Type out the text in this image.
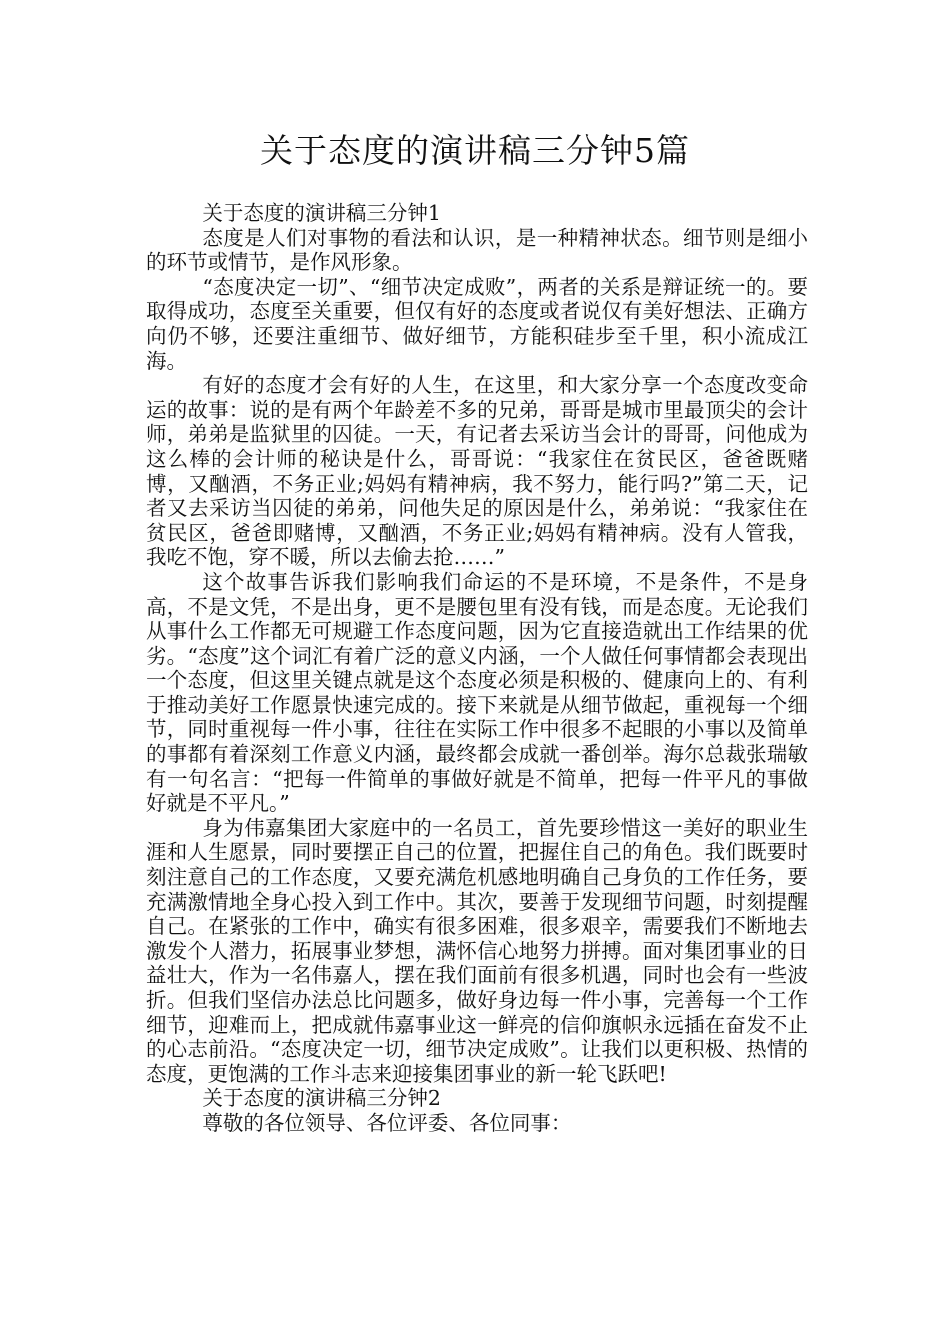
关于态度的演讲稿三分钟5篇

关于态度的演讲稿三分钟1

态度是人们对事物的看法和认识，是一种精神状态。细节则是细小的环节或情节，是作风形象。

“态度决定一切”、“细节决定成败”，两者的关系是辩证统一的。要取得成功，态度至关重要，但仅有好的态度或者说仅有美好想法、正确方向仍不够，还要注重细节、做好细节，方能积硅步至千里，积小流成江海。

有好的态度才会有好的人生，在这里，和大家分享一个态度改变命运的故事：说的是有两个年龄差不多的兄弟，哥哥是城市里最顶尖的会计师，弟弟是监狱里的囚徒。一天，有记者去采访当会计的哥哥，问他成为这么棒的会计师的秘诀是什么，哥哥说：“我家住在贫民区，爸爸既赌博，又酗酒，不务正业;妈妈有精神病，我不努力，能行吗?”第二天，记者又去采访当囚徒的弟弟，问他失足的原因是什么，弟弟说：“我家住在贫民区，爸爸即赌博，又酗酒，不务正业;妈妈有精神病。没有人管我，我吃不饱，穿不暖，所以去偷去抢……”

这个故事告诉我们影响我们命运的不是环境，不是条件，不是身高，不是文凭，不是出身，更不是腰包里有没有钱，而是态度。无论我们从事什么工作都无可规避工作态度问题，因为它直接造就出工作结果的优劣。“态度”这个词汇有着广泛的意义内涵，一个人做任何事情都会表现出一个态度，但这里关键点就是这个态度必须是积极的、健康向上的、有利于推动美好工作愿景快速完成的。接下来就是从细节做起，重视每一个细节，同时重视每一件小事，往往在实际工作中很多不起眼的小事以及简单的事都有着深刻工作意义内涵，最终都会成就一番创举。海尔总裁张瑞敏有一句名言：“把每一件简单的事做好就是不简单，把每一件平凡的事做好就是不平凡。”

身为伟嘉集团大家庭中的一名员工，首先要珍惜这一美好的职业生涯和人生愿景，同时要摆正自己的位置，把握住自己的角色。我们既要时刻注意自己的工作态度，又要充满危机感地明确自己身负的工作任务，要充满激情地全身心投入到工作中。其次，要善于发现细节问题，时刻提醒自己。在紧张的工作中，确实有很多困难，很多艰辛，需要我们不断地去激发个人潜力，拓展事业梦想，满怀信心地努力拼搏。面对集团事业的日益壮大，作为一名伟嘉人，摆在我们面前有很多机遇，同时也会有一些波折。但我们坚信办法总比问题多，做好身边每一件小事，完善每一个工作细节，迎难而上，把成就伟嘉事业这一鲜亮的信仰旗帜永远插在奋发不止的心志前沿。“态度决定一切，细节决定成败”。让我们以更积极、热情的态度，更饱满的工作斗志来迎接集团事业的新一轮飞跃吧!

关于态度的演讲稿三分钟2

尊敬的各位领导、各位评委、各位同事：
